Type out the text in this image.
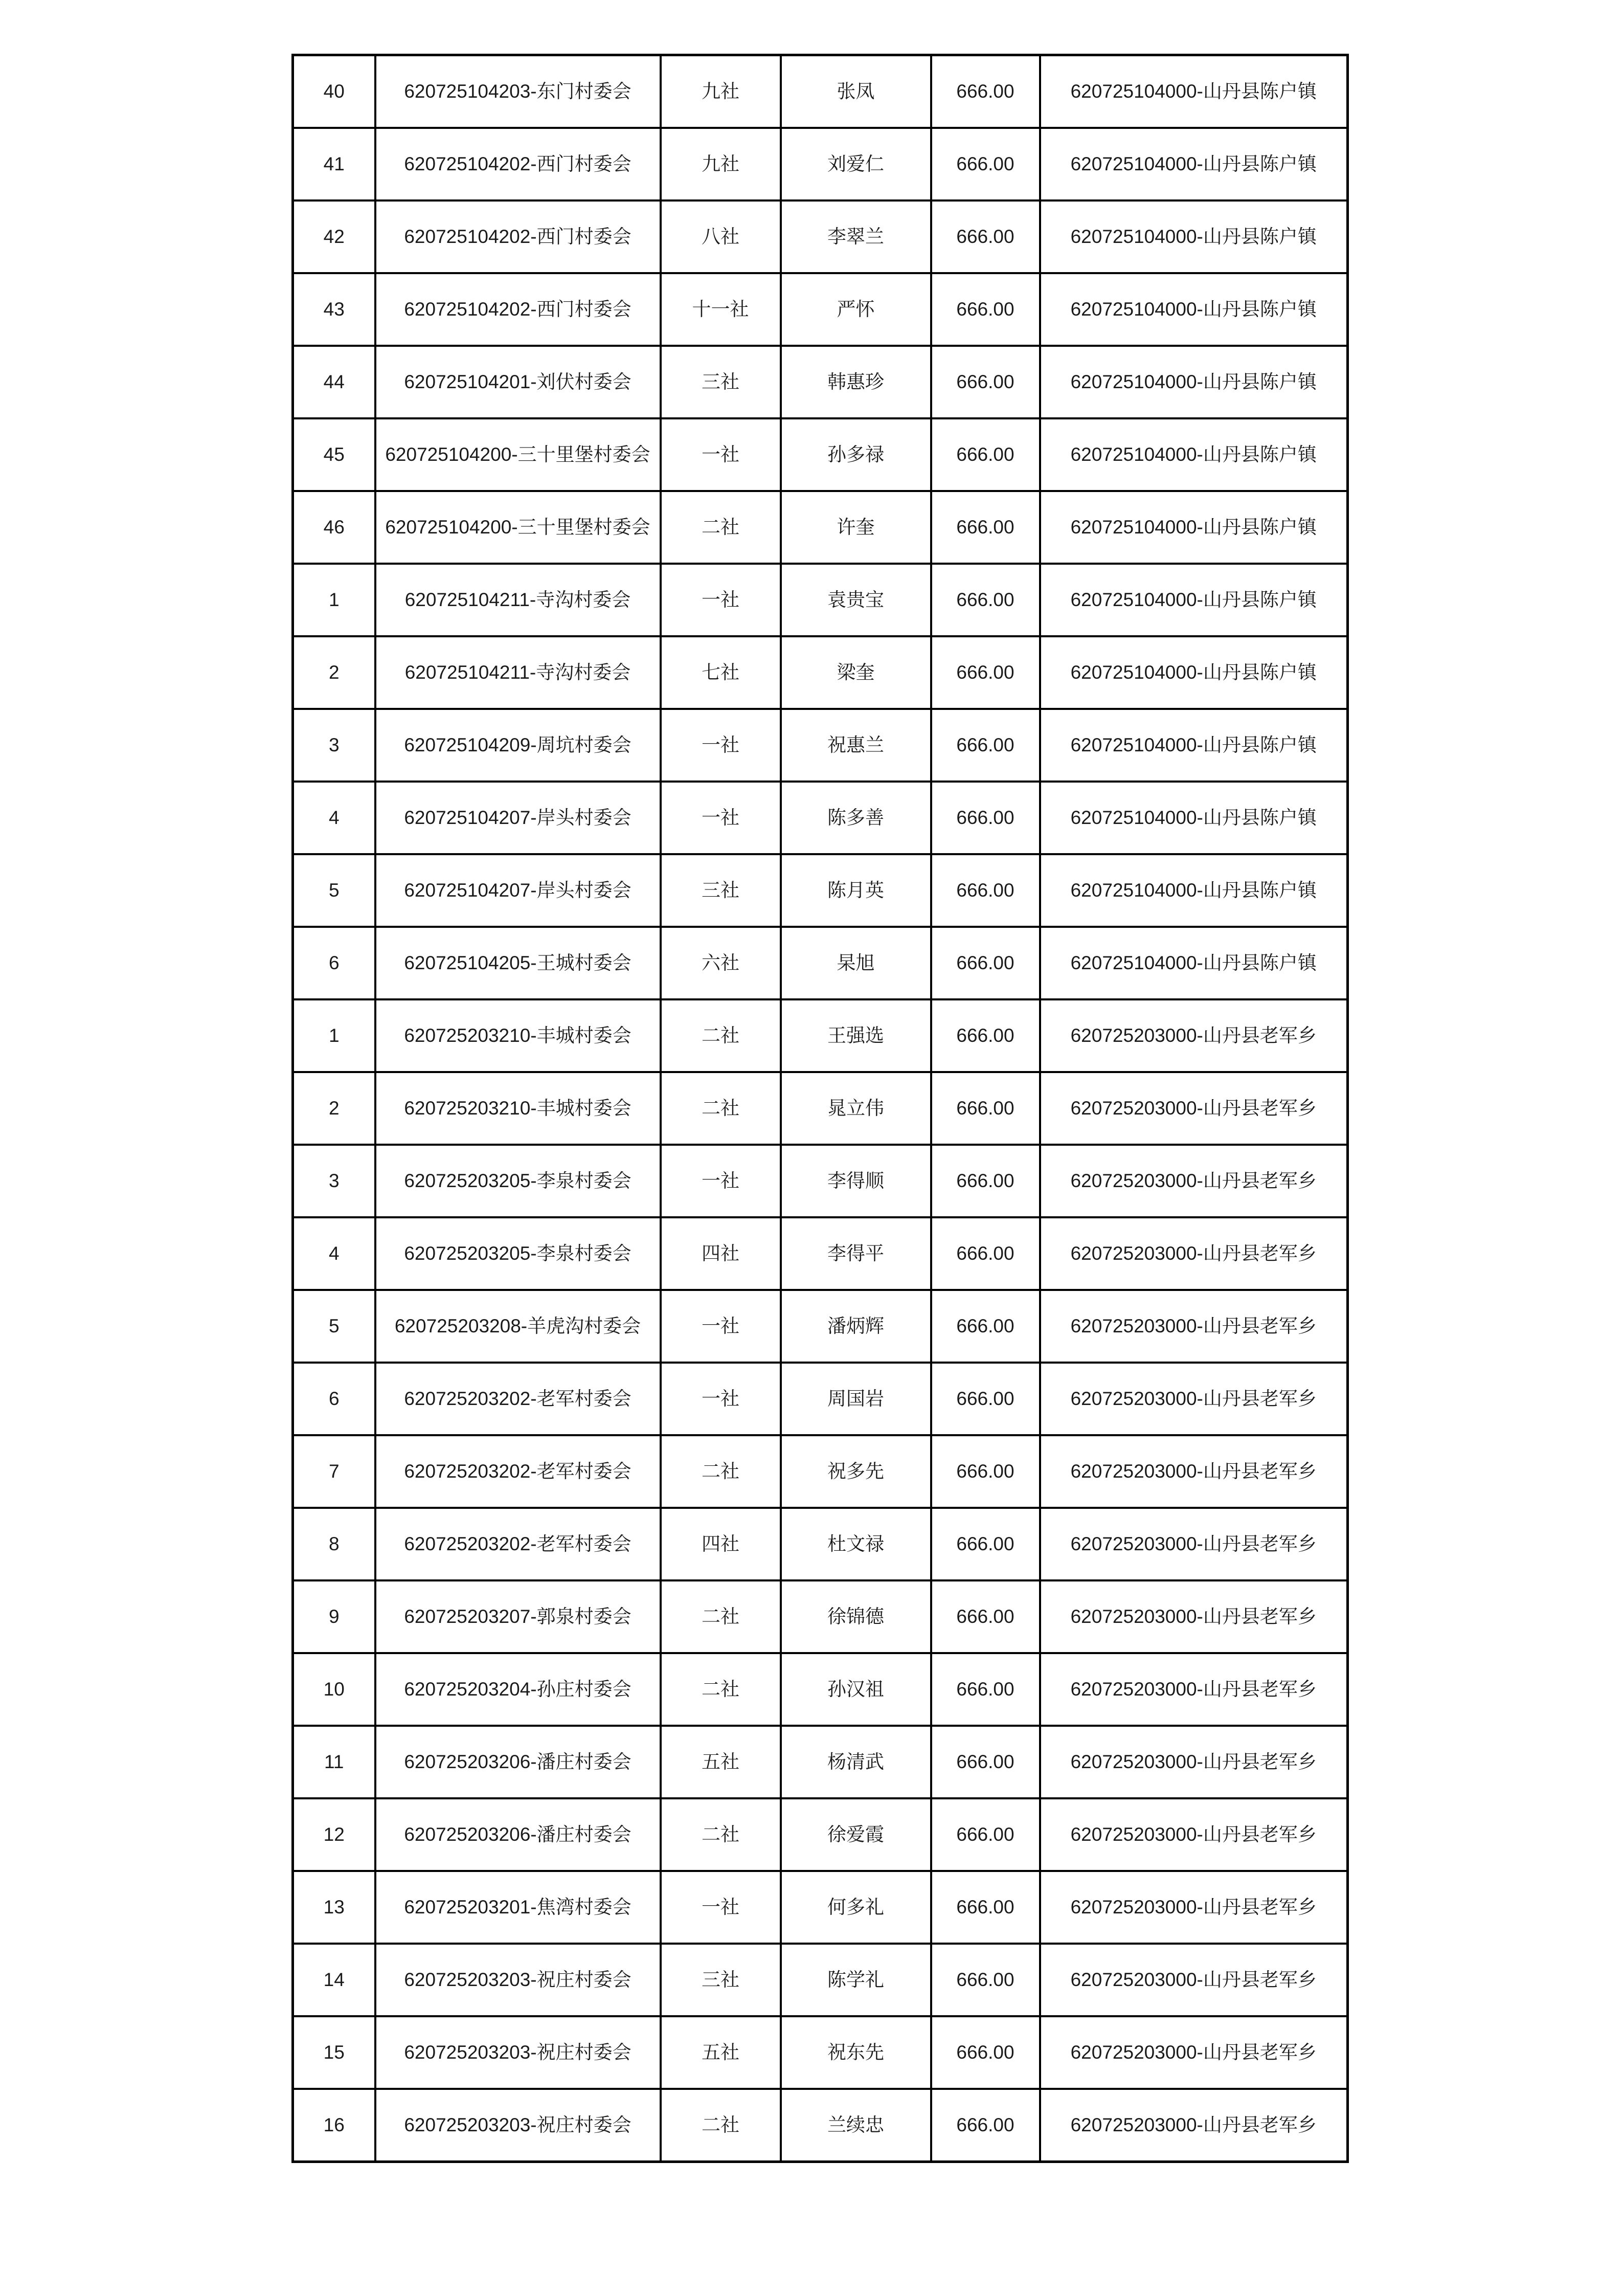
40	620725104203-东门村委会	九社	张凤	666.00	620725104000-山丹县陈户镇
41	620725104202-西门村委会	九社	刘爱仁	666.00	620725104000-山丹县陈户镇
42	620725104202-西门村委会	八社	李翠兰	666.00	620725104000-山丹县陈户镇
43	620725104202-西门村委会	十一社	严怀	666.00	620725104000-山丹县陈户镇
44	620725104201-刘伏村委会	三社	韩惠珍	666.00	620725104000-山丹县陈户镇
45	620725104200-三十里堡村委会	一社	孙多禄	666.00	620725104000-山丹县陈户镇
46	620725104200-三十里堡村委会	二社	许奎	666.00	620725104000-山丹县陈户镇
1	620725104211-寺沟村委会	一社	袁贵宝	666.00	620725104000-山丹县陈户镇
2	620725104211-寺沟村委会	七社	梁奎	666.00	620725104000-山丹县陈户镇
3	620725104209-周坑村委会	一社	祝惠兰	666.00	620725104000-山丹县陈户镇
4	620725104207-岸头村委会	一社	陈多善	666.00	620725104000-山丹县陈户镇
5	620725104207-岸头村委会	三社	陈月英	666.00	620725104000-山丹县陈户镇
6	620725104205-王城村委会	六社	杲旭	666.00	620725104000-山丹县陈户镇
1	620725203210-丰城村委会	二社	王强选	666.00	620725203000-山丹县老军乡
2	620725203210-丰城村委会	二社	晁立伟	666.00	620725203000-山丹县老军乡
3	620725203205-李泉村委会	一社	李得顺	666.00	620725203000-山丹县老军乡
4	620725203205-李泉村委会	四社	李得平	666.00	620725203000-山丹县老军乡
5	620725203208-羊虎沟村委会	一社	潘炳辉	666.00	620725203000-山丹县老军乡
6	620725203202-老军村委会	一社	周国岩	666.00	620725203000-山丹县老军乡
7	620725203202-老军村委会	二社	祝多先	666.00	620725203000-山丹县老军乡
8	620725203202-老军村委会	四社	杜文禄	666.00	620725203000-山丹县老军乡
9	620725203207-郭泉村委会	二社	徐锦德	666.00	620725203000-山丹县老军乡
10	620725203204-孙庄村委会	二社	孙汉祖	666.00	620725203000-山丹县老军乡
11	620725203206-潘庄村委会	五社	杨清武	666.00	620725203000-山丹县老军乡
12	620725203206-潘庄村委会	二社	徐爱霞	666.00	620725203000-山丹县老军乡
13	620725203201-焦湾村委会	一社	何多礼	666.00	620725203000-山丹县老军乡
14	620725203203-祝庄村委会	三社	陈学礼	666.00	620725203000-山丹县老军乡
15	620725203203-祝庄村委会	五社	祝东先	666.00	620725203000-山丹县老军乡
16	620725203203-祝庄村委会	二社	兰续忠	666.00	620725203000-山丹县老军乡
